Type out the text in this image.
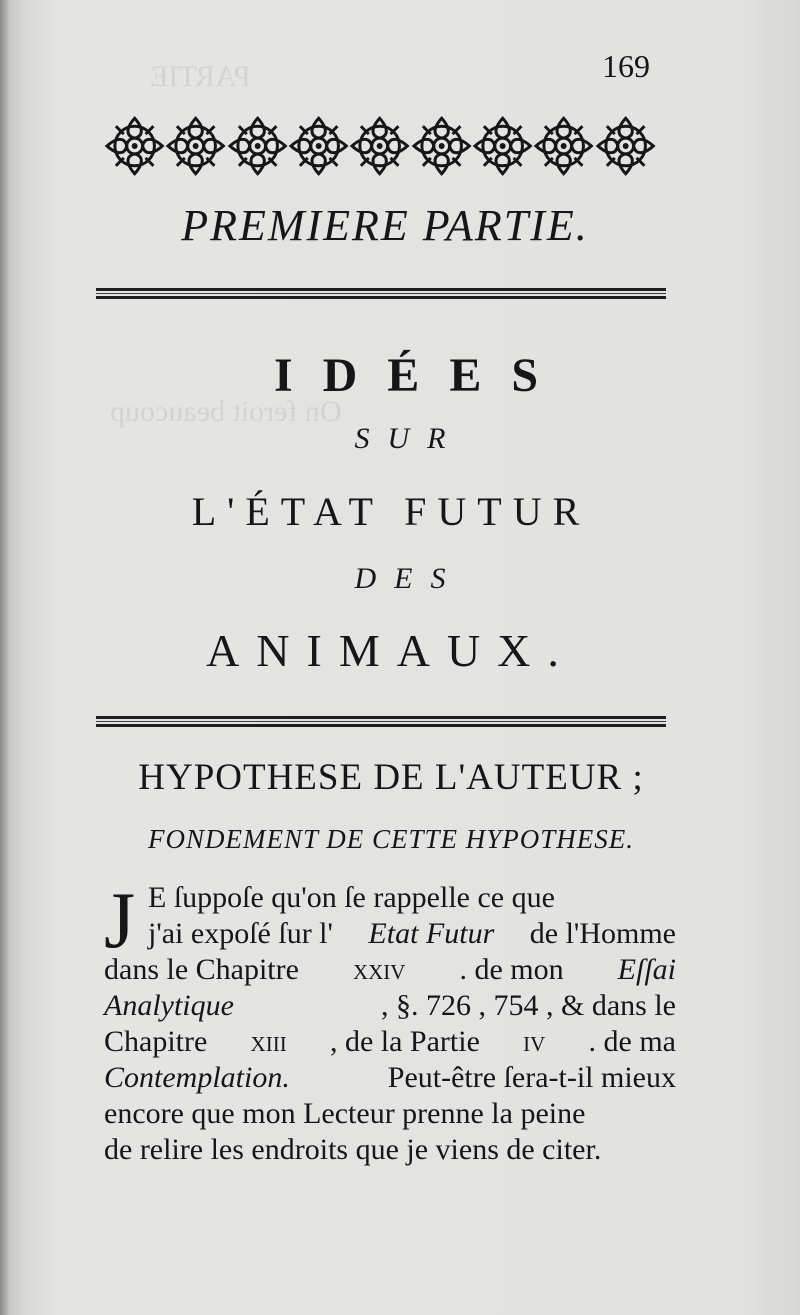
PARTIE
On feroit beaucoup
169
PREMIERE PARTIE.
IDÉES
SUR
L'ÉTAT FUTUR
DES
ANIMAUX.
HYPOTHESE DE L'AUTEUR ;
FONDEMENT DE CETTE HYPOTHESE.
J E ſuppoſe qu'on ſe rappelle ce que
j'ai expoſé ſur l' Etat Futur de l'Homme
dans le Chapitre xxiv . de mon Eſſai
Analytique	, §. 726 , 754 , & dans le
Chapitre xiii , de la Partie iv . de ma
Contemplation.	Peut-être ſera-t-il mieux
encore que mon Lecteur prenne la peine
de relire les endroits que je viens de citer.
